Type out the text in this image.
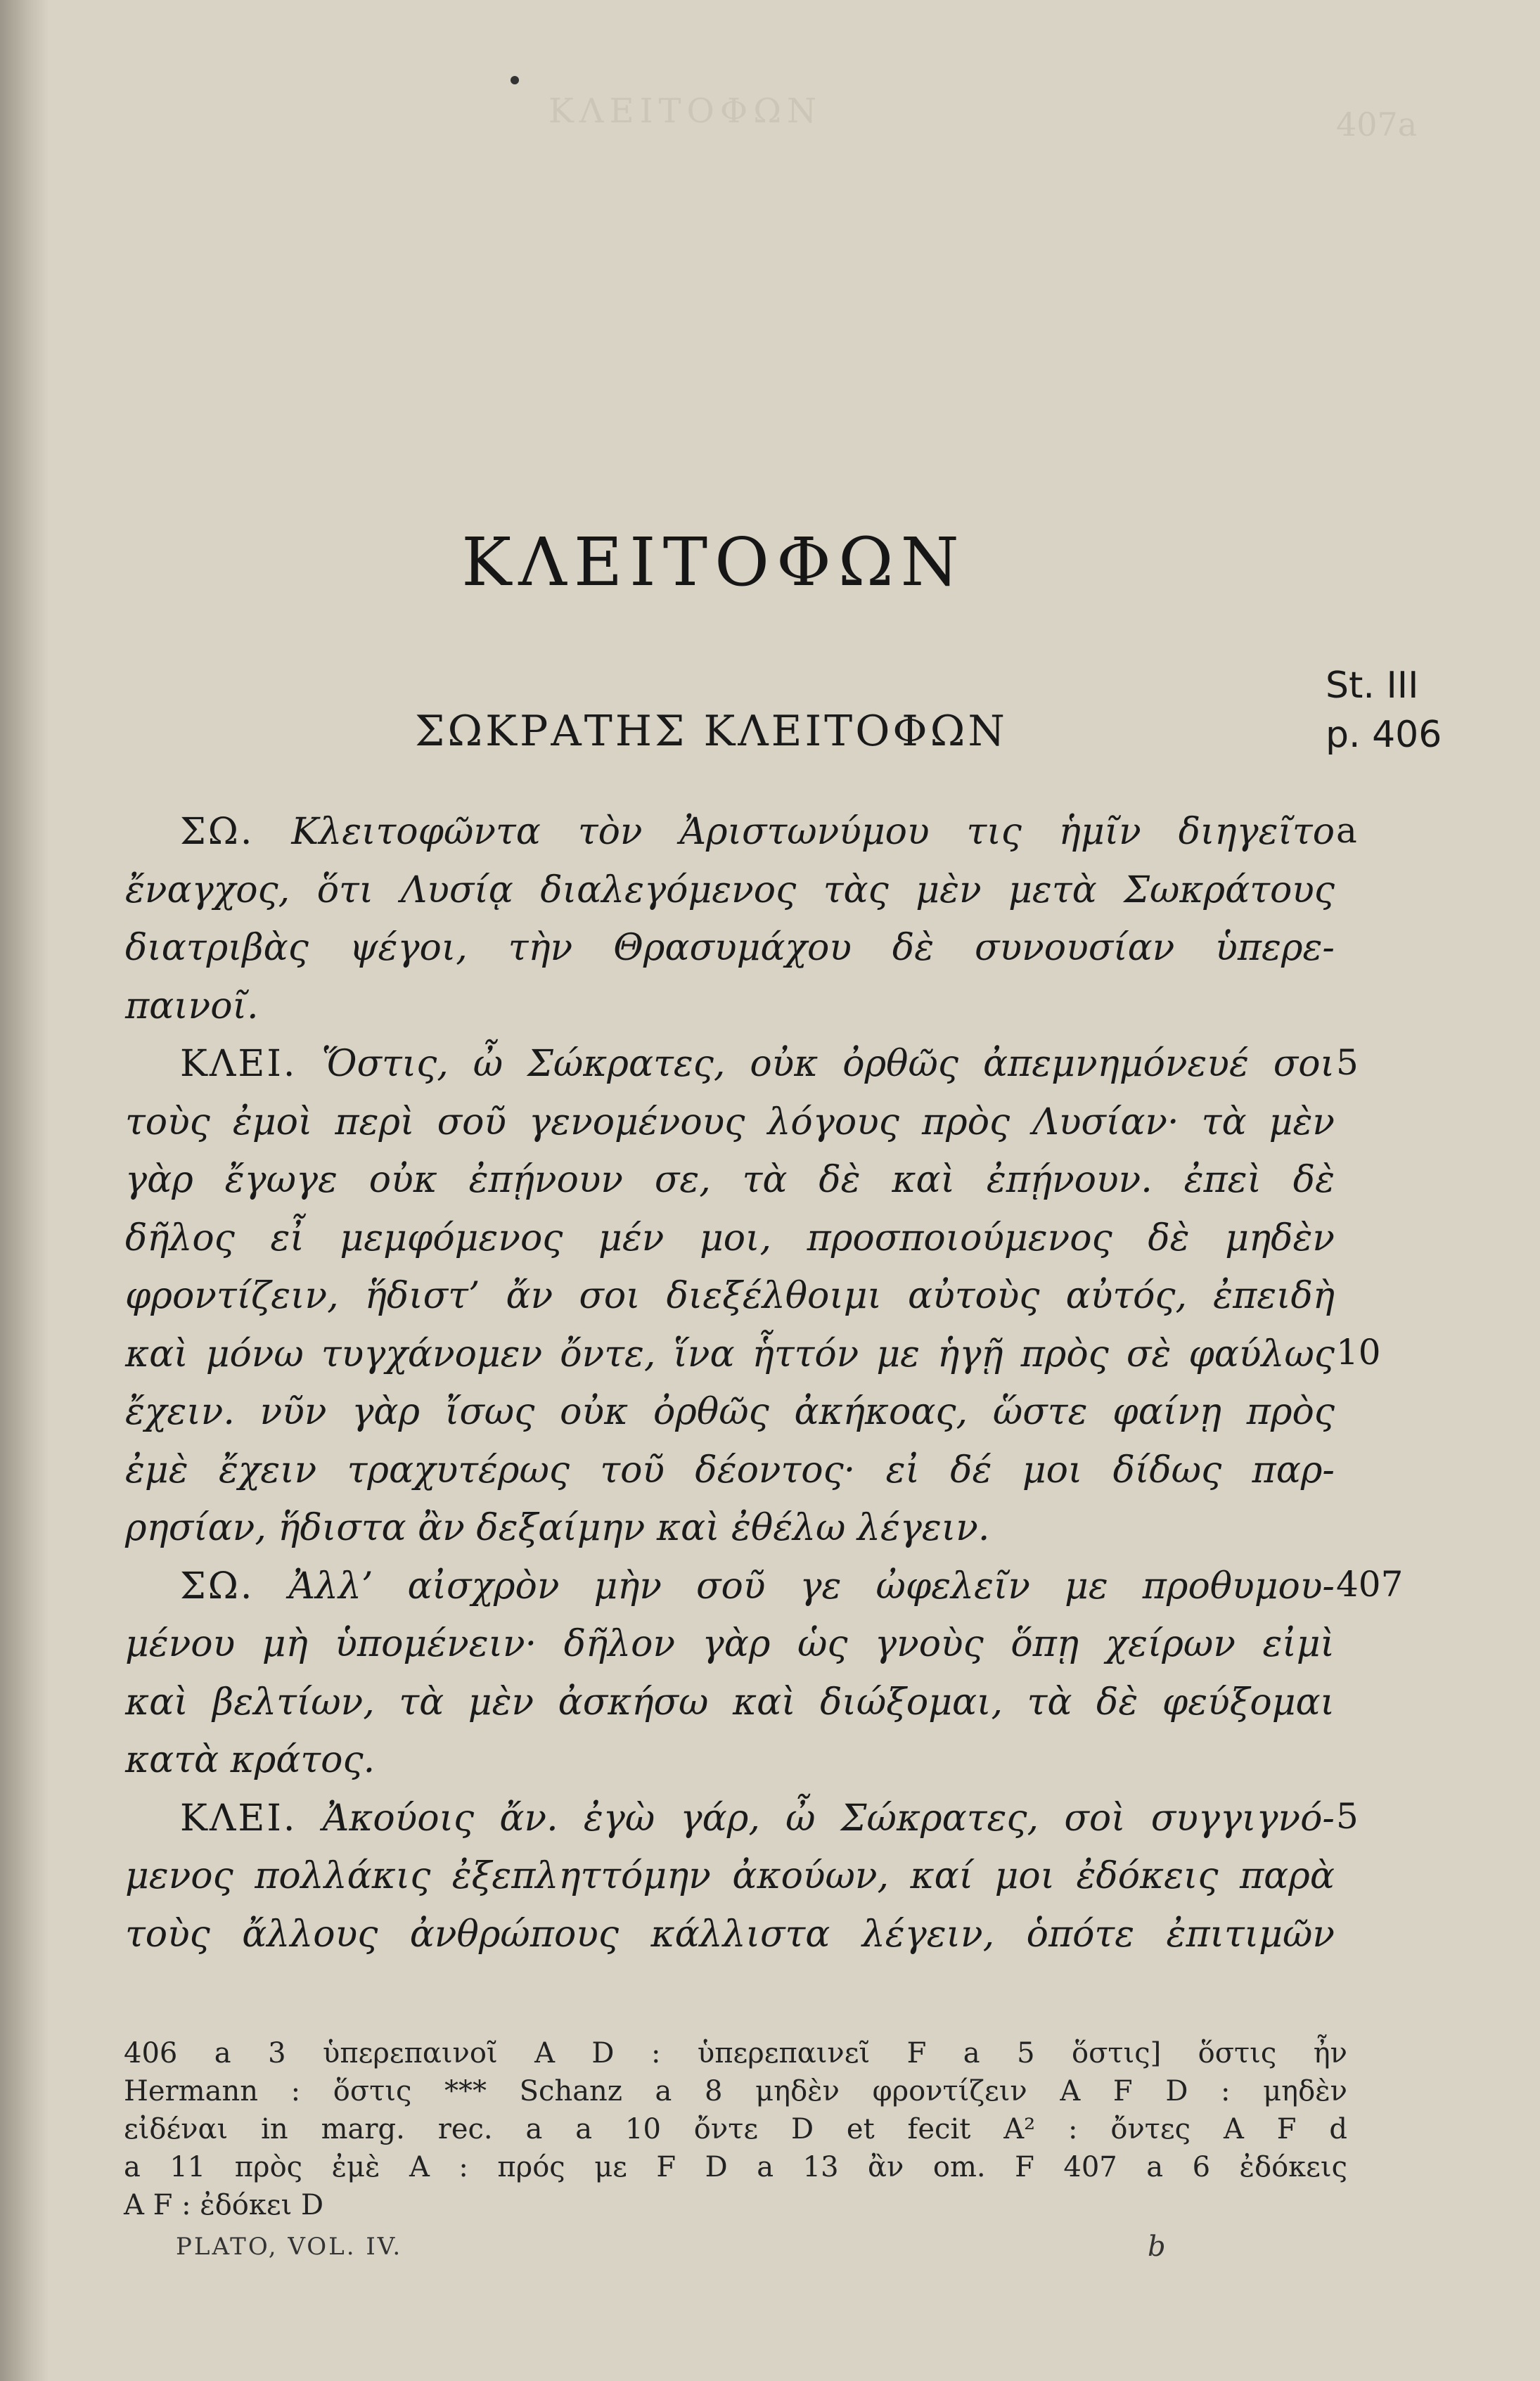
ΚΛΕΙΤΟΦΩΝ	407a
ΚΛΕΙΤΟΦΩΝ
ΣΩΚΡΑΤΗΣ ΚΛΕΙΤΟΦΩΝ
St. III
p. 406
ΣΩ. Κλειτοφῶντα τὸν Ἀριστωνύμου τις ἡμῖν διηγεῖτο
ἔναγχος, ὅτι Λυσίᾳ διαλεγόμενος τὰς μὲν μετὰ Σωκράτους
διατριβὰς ψέγοι, τὴν Θρασυμάχου δὲ συνουσίαν ὑπερε-
παινοῖ.
ΚΛΕΙ. Ὅστις, ὦ Σώκρατες, οὐκ ὀρθῶς ἀπεμνημόνευέ σοι
τοὺς ἐμοὶ περὶ σοῦ γενομένους λόγους πρὸς Λυσίαν· τὰ μὲν
γὰρ ἔγωγε οὐκ ἐπῄνουν σε, τὰ δὲ καὶ ἐπῄνουν. ἐπεὶ δὲ
δῆλος εἶ μεμφόμενος μέν μοι, προσποιούμενος δὲ μηδὲν
φροντίζειν, ἥδιστ’ ἄν σοι διεξέλθοιμι αὐτοὺς αὐτός, ἐπειδὴ
καὶ μόνω τυγχάνομεν ὄντε, ἵνα ἧττόν με ἡγῇ πρὸς σὲ φαύλως
ἔχειν. νῦν γὰρ ἴσως οὐκ ὀρθῶς ἀκήκοας, ὥστε φαίνῃ πρὸς
ἐμὲ ἔχειν τραχυτέρως τοῦ δέοντος· εἰ δέ μοι δίδως παρ-
ρησίαν, ἥδιστα ἂν δεξαίμην καὶ ἐθέλω λέγειν.
ΣΩ. Ἀλλ’ αἰσχρὸν μὴν σοῦ γε ὠφελεῖν με προθυμου-
μένου μὴ ὑπομένειν· δῆλον γὰρ ὡς γνοὺς ὅπῃ χείρων εἰμὶ
καὶ βελτίων, τὰ μὲν ἀσκήσω καὶ διώξομαι, τὰ δὲ φεύξομαι
κατὰ κράτος.
ΚΛΕΙ. Ἀκούοις ἄν. ἐγὼ γάρ, ὦ Σώκρατες, σοὶ συγγιγνό-
μενος πολλάκις ἐξεπληττόμην ἀκούων, καί μοι ἐδόκεις παρὰ
τοὺς ἄλλους ἀνθρώπους κάλλιστα λέγειν, ὁπότε ἐπιτιμῶν
a
5
10
407
5
406 a 3 ὑπερεπαινοῖ A D : ὑπερεπαινεῖ F a 5 ὅστις] ὅστις ἦν
Hermann : ὅστις *** Schanz a 8 μηδὲν φροντίζειν A F D : μηδὲν
εἰδέναι in marg. rec. a a 10 ὄντε D et fecit A² : ὄντες A F d
a 11 πρὸς ἐμὲ A : πρός με F D a 13 ἂν om. F 407 a 6 ἐδόκεις
A F : ἐδόκει D
PLATO, VOL. IV.	b
